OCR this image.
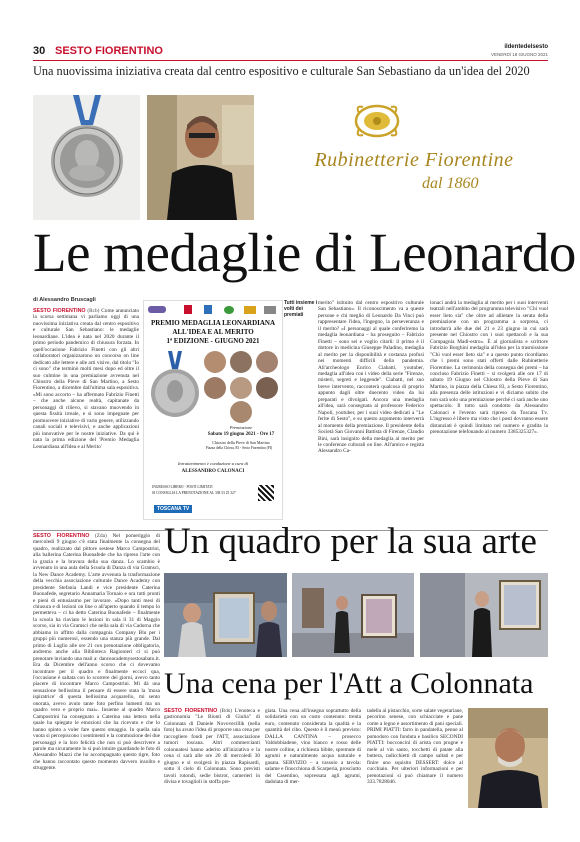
30 SESTO FIORENTINO	ildentedelsesto
VENERDÌ 18 GIUGNO 2021
Una nuovissima iniziativa creata dal centro espositivo e culturale San Sebastiano da un'idea del 2020
Rubinetterie Fiorentine
dal 1860
Le medaglie di Leonardo
di Alessandro Bruscagli
SESTO FIORENTINO (Rcb) Come annunciato la scorsa settimana vi parliamo oggi di una nuovissima iniziativa creata dal centro espositivo e culturale San Sebastiano: le medaglie leonardiane. L'idea è nata nel 2020 durante il primo periodo pandemico di chiusura forzata. In quell'occasione Fabrizio Finetti con gli altri collaboratori organizzarono un concorso on line dedicato alle lettere e alle arti visive, dal titolo "Io ci sono" che terminò molti mesi dopo ed oltre il suo culmine in una premiazione avvenuta nel Chiostro della Pieve di San Martino, a Sesto Fiorentino, a dicembre dall'ultima sala espositiva. «Mi sono accorto – ha affermato Fabrizio Finetti – che anche alcune realtà, capitanate da personaggi di rilievo, si stavano muovendo in questa fissità irreale, e si sono impegnate per promuovere iniziative di vario genere, utilizzando canali sociali e televisivi, e anche applicazioni più innovative per le nostre iniziative. Da qui è nata la prima edizione del 'Premio Medaglia Leonardiana all'Idea e al Merito'
PREMIO MEDAGLIA LEONARDIANA
ALL'IDEA E AL MERITO
1ª EDIZIONE - GIUGNO 2021
Premiazione
Sabato 19 giugno 2021 - Ore 17
Chiostro della Pieve di San Martino
Piazza della Chiesa, 83 - Sesto Fiorentino (FI)
Intrattenimento e conduzione a cura di
ALESSANDRO CALONACI
INGRESSO LIBERO - POSTI LIMITATI
SI CONSIGLIA LA PRENOTAZIONE AL 338 53 25 327
TOSCANA TV
Tutti insieme i volti dei premiati
merito" istituito dal centro espositivo culturale San Sebastiano». Il riconoscimento va a queste persone e chi meglio di Leonardo Da Vinci può rappresentare l'idea, l'ingegno, la perseveranza e il merito? «I personaggi al quale conferiremo la medaglia leonardiana – ha proseguito – Fabrizio Finetti – sono sei e voglio citarli: il primo è il dottore in medicina Giuseppe Paladino, medaglia al merito per la disponibilità e costanza profusi nei momenti difficili della pandemia. All'archeologo Enrico Ciabatti, youtuber, medaglia all'idea con i video della serie "Firenze, misteri, segreti e leggende". Ciabatti, nel suo breve intervento, racconterà qualcosa di proprio appunto dagli oltre duecento video da lui preparati e divulgati. Ancora una medaglia all'idea, sarà consegnata al professore Federico Napoli, youtuber, per i suoi video dedicati a "Le ferite di Sesto", e su questo argomento interverrà al momento della premiazione. Il presidente della Società San Giovanni Battista di Firenze, Claudio Bini, sarà insignito della medaglia al merito per le conferenze culturali on line. All'amico e regista Alessandro Ca-
lonaci andrà la medaglia al merito per i suoi interventi teatrali nell'ambito del programma televisivo "Chi vuol esser lieto sia" che oltre ad allietare la serata della premiazione con un programma a sorpresa, ci introdurrà alle due del 21 e 23 giugno in cui sarà presente nel Chiostro con i suoi spettacoli e la sua Compagnia Madì-estro». È al giornalista e scrittore Fabrizio Borghini medaglia all'idea per la trasmissione "Chi vuol esser lieto sia" e a questo punto ricordiamo che i premi sono stati offerti dalle Rubinetterie Fiorentine. La cerimonia della consegna dei premi – ha concluso Fabrizio Finetti – si svolgerà alle ore 17 di sabato 19 Giugno nel Chiostro della Pieve di San Martino, in piazza della Chiesa 83, a Sesto Fiorentino, alla presenza delle istituzioni e vi diciamo subito che non sarà solo una premiazione perché ci sarà anche uno spettacolo. Il tutto sarà condotto da Alessandro Calonaci e l'evento sarà ripreso da Toscana Tv. L'ingresso è libero ma visto che i posti dovranno essere distanziati è quindi limitato nel numero e gradita la prenotazione telefonando al numero 3385325327».
SESTO FIORENTINO (Zda) Nel pomeriggio di mercoledì 9 giugno c'è stata finalmente la consegna del quadro, realizzato dal pittore sestese Marco Campostrini, alla ballerina Caterina Buonafede che ha ripreso l'arte con la grazia e la bravura della sua danza. Lo scambio è avvenuto in una aula della Scuola di Danza di via Gramsci, la New Dance Academy. L'arte avvenuta la trasformazione della vecchia associazione culturale Dance Academy con presidente Stefania Landi e vice presidente Caterina Buonafede, segretario Annamaria Tornaio e ora tutti pronti e pieni di entusiasmo per lavorare. «Dopo tanti mesi di chiusura e di lezioni on line o all'aperto quando il tempo lo permetteva – ci ha detto Caterina Buonafede – finalmente la scuola ha riaviato le lezioni in sala il 31 di Maggio scorso, sia in via Gramsci che nella sala di via Cadorna che abbiamo in affitto dalla compagnia Company Blu per i gruppi più numerosi, essendo una stanza più grande. Dal primo di Luglio alle ore 21 con prenotazione obbligatoria, andremo anche alla Biblioteca Ragionieri ci si può prenotare inviando una mail a: danceacademysestosabato.it. Era da Dicembre dell'anno scorso che ci dovevamo incontrare per il quadro e finalmente eccoci qua, l'occasione è saltata con lo scorrere dei giorni, avevo tanto piacere di incontrare Marco Campostrini. Mi dà una sensazione bellissima il pensare di essere stata la 'musa ispiratrice' di questa bellissima acquarello, mi sento onorata, avevo avuto tante foto perfino lumenti ma un quadro vero e proprio mai». Insieme al quadro Marco Campostrini ha consegnato a Caterina una lettera nella quale ha spiegato le emozioni che ha ricevuto e che lo hanno spinto a voler fare questo omaggio. In quella sala vuota si percepiscono i sentimenti e la commozione dei due personaggi e la loro felicità che non si può descrivere a parole ma sicuramente lo si può intuire guardando le foto di Alessandro Mazzi che ho accompagnato questo tigre, foto che hanno raccontato questo momento davvero insolito e struggente.
Un quadro per la sua arte
Una cena per l'Att a Colonnata
SESTO FIORENTINO (Bdn) L'enoteca e gastronomia "Le Bionti di Giulia" di Colonnata di Daniele Novovecillik (nella foto) ha avuto l'idea di proporre una cena per raccogliere fondi per l'ATT, associazione tumori toscana. Altri commercianti colonnatesi hanno aderito all'iniziativa e la cena ci sarà alle ore 20 di mercoledì 30 giugno e si svolgerà in piazza Rapisardi, sotto il cielo di Colonnata. Sono previsti tavoli rotondi, sedie bistrot, camerieri in divisa e tovaglioli in stoffa pre-
giata. Una cena all'insegna soprattutto della solidarietà con un costo contenuto: trenta euro, contenuto considerata la qualità e la quantità del cibo. Questo è il menù previsto: DALLA CANTINA – prosecco Valdobbiadene, vino bianco e rosso delle nostre colline, a richiesta bibite, spremute di agrumi e naturalmente acqua naturale e gasata. SERVIZIO – a vassoio a tavola: salame e finocchiona di Scarperia, prosciutto del Casentino, sopressata agli agrumi, dadolata di mer-
tadella al pistacchio, sorte salate vegetariane, pecorino senese, con schiacciate e pane come a legno e assortimento di pani speciali. PRIMI PIATTI: farro in pandatella, penne al pomodoro con fonduta e basilico SECONDI PIATTI: bocconcini di arista con prugne e mele al vin santo, tocchetti di patate alla buttera, radicchietti di campo saltati e per finire uno squisito DESSERT: dolce al cucchiaio. Per ulteriori informazioni e per prenotazioni si può chiamare il numero 333.7828046.
